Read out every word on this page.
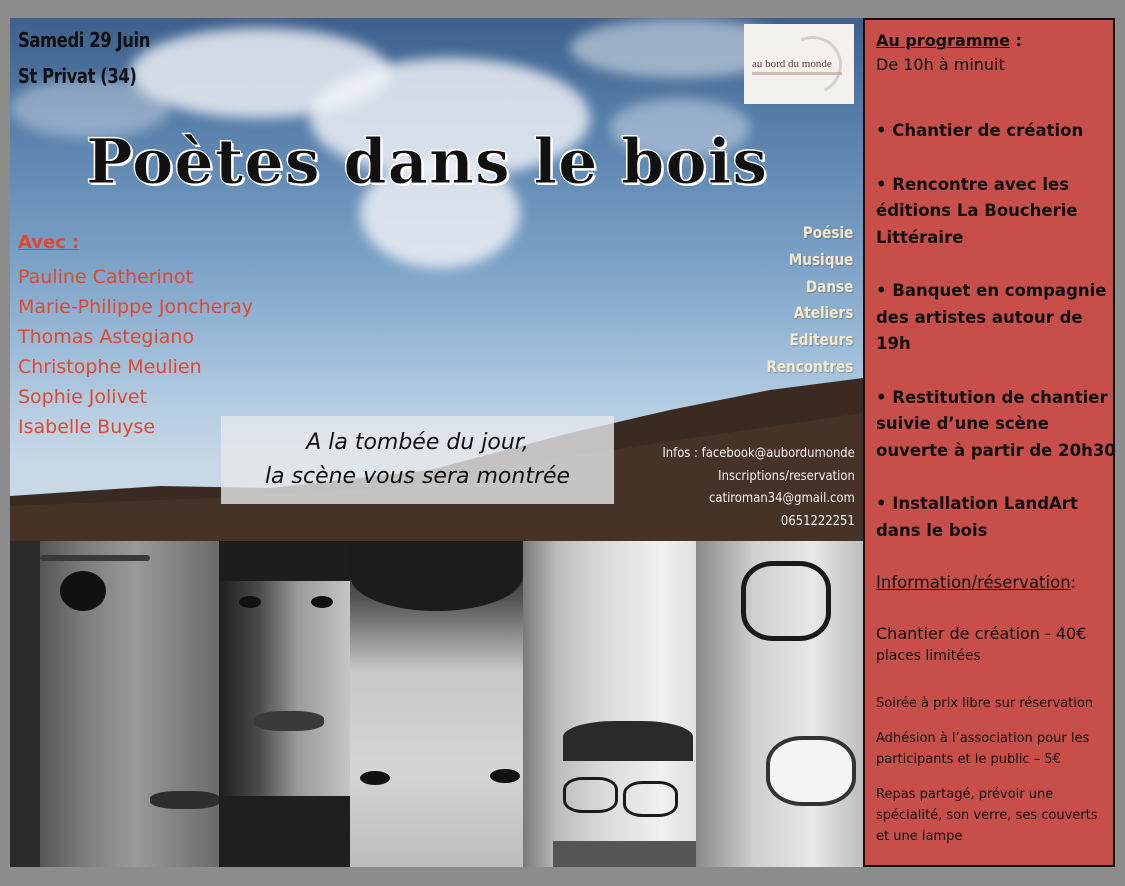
Samedi 29 Juin
St Privat (34)	au bord du monde
Poètes dans le bois
Avec :
Pauline Catherinot
Marie-Philippe Joncheray
Thomas Astegiano
Christophe Meulien
Sophie Jolivet
Isabelle Buyse
Poésie
Musique
Danse
Ateliers
Editeurs
Rencontres
A la tombée du jour,
la scène vous sera montrée
Infos : facebook@aubordumonde
Inscriptions/reservation
catiroman34@gmail.com
0651222251
Au programme :
De 10h à minuit
• Chantier de création
• Rencontre avec les
éditions La Boucherie
Littéraire
• Banquet en compagnie
des artistes autour de
19h
• Restitution de chantier
suivie d’une scène
ouverte à partir de 20h30
• Installation LandArt
dans le bois
Information/réservation:
Chantier de création - 40€
places limitées
Soirée à prix libre sur réservation
Adhésion à l’association pour les
participants et le public – 5€
Repas partagé, prévoir une
spécialité, son verre, ses couverts
et une lampe
